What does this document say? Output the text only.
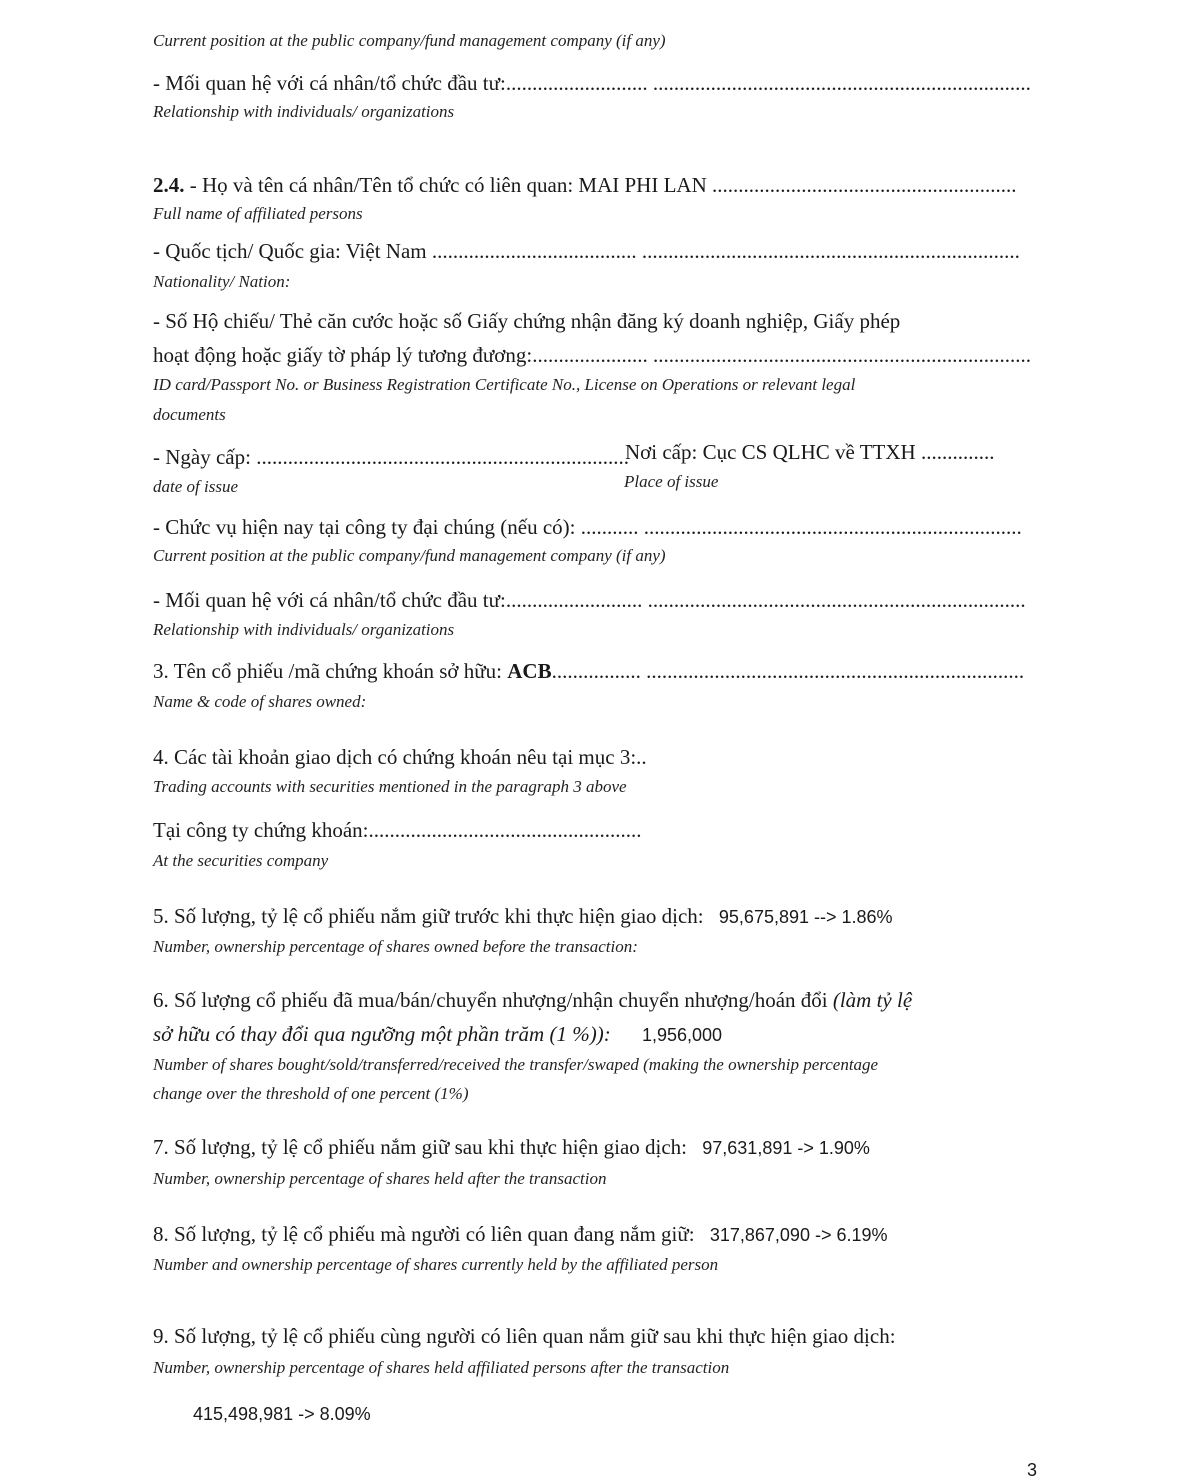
Current position at the public company/fund management company (if any)
- Mối quan hệ với cá nhân/tổ chức đầu tư:........................... ........................................................................
Relationship with individuals/ organizations
2.4. - Họ và tên cá nhân/Tên tổ chức có liên quan: MAI PHI LAN ..........................................................
Full name of affiliated persons
- Quốc tịch/ Quốc gia: Việt Nam ....................................... ........................................................................
Nationality/ Nation:
- Số Hộ chiếu/ Thẻ căn cước hoặc số Giấy chứng nhận đăng ký doanh nghiệp, Giấy phép
hoạt động hoặc giấy tờ pháp lý tương đương:...................... ........................................................................
ID card/Passport No. or Business Registration Certificate No., License on Operations or relevant legal
documents
- Ngày cấp: .......................................................................
Nơi cấp: Cục CS QLHC về TTXH ..............
date of issue	Place of issue
- Chức vụ hiện nay tại công ty đại chúng (nếu có): ........... ........................................................................
Current position at the public company/fund management company (if any)
- Mối quan hệ với cá nhân/tổ chức đầu tư:.......................... ........................................................................
Relationship with individuals/ organizations
3. Tên cổ phiếu /mã chứng khoán sở hữu: ACB................. ........................................................................
Name & code of shares owned:
4. Các tài khoản giao dịch có chứng khoán nêu tại mục 3:..
Trading accounts with securities mentioned in the paragraph 3 above
Tại công ty chứng khoán:....................................................
At the securities company
5. Số lượng, tỷ lệ cổ phiếu nắm giữ trước khi thực hiện giao dịch: 95,675,891 --> 1.86%
Number, ownership percentage of shares owned before the transaction:
6. Số lượng cổ phiếu đã mua/bán/chuyển nhượng/nhận chuyển nhượng/hoán đổi (làm tỷ lệ
sở hữu có thay đổi qua ngưỡng một phần trăm (1 %)): 1,956,000
Number of shares bought/sold/transferred/received the transfer/swaped (making the ownership percentage
change over the threshold of one percent (1%)
7. Số lượng, tỷ lệ cổ phiếu nắm giữ sau khi thực hiện giao dịch: 97,631,891 -> 1.90%
Number, ownership percentage of shares held after the transaction
8. Số lượng, tỷ lệ cổ phiếu mà người có liên quan đang nắm giữ: 317,867,090 -> 6.19%
Number and ownership percentage of shares currently held by the affiliated person
9. Số lượng, tỷ lệ cổ phiếu cùng người có liên quan nắm giữ sau khi thực hiện giao dịch:
Number, ownership percentage of shares held affiliated persons after the transaction
415,498,981 -> 8.09%
3
